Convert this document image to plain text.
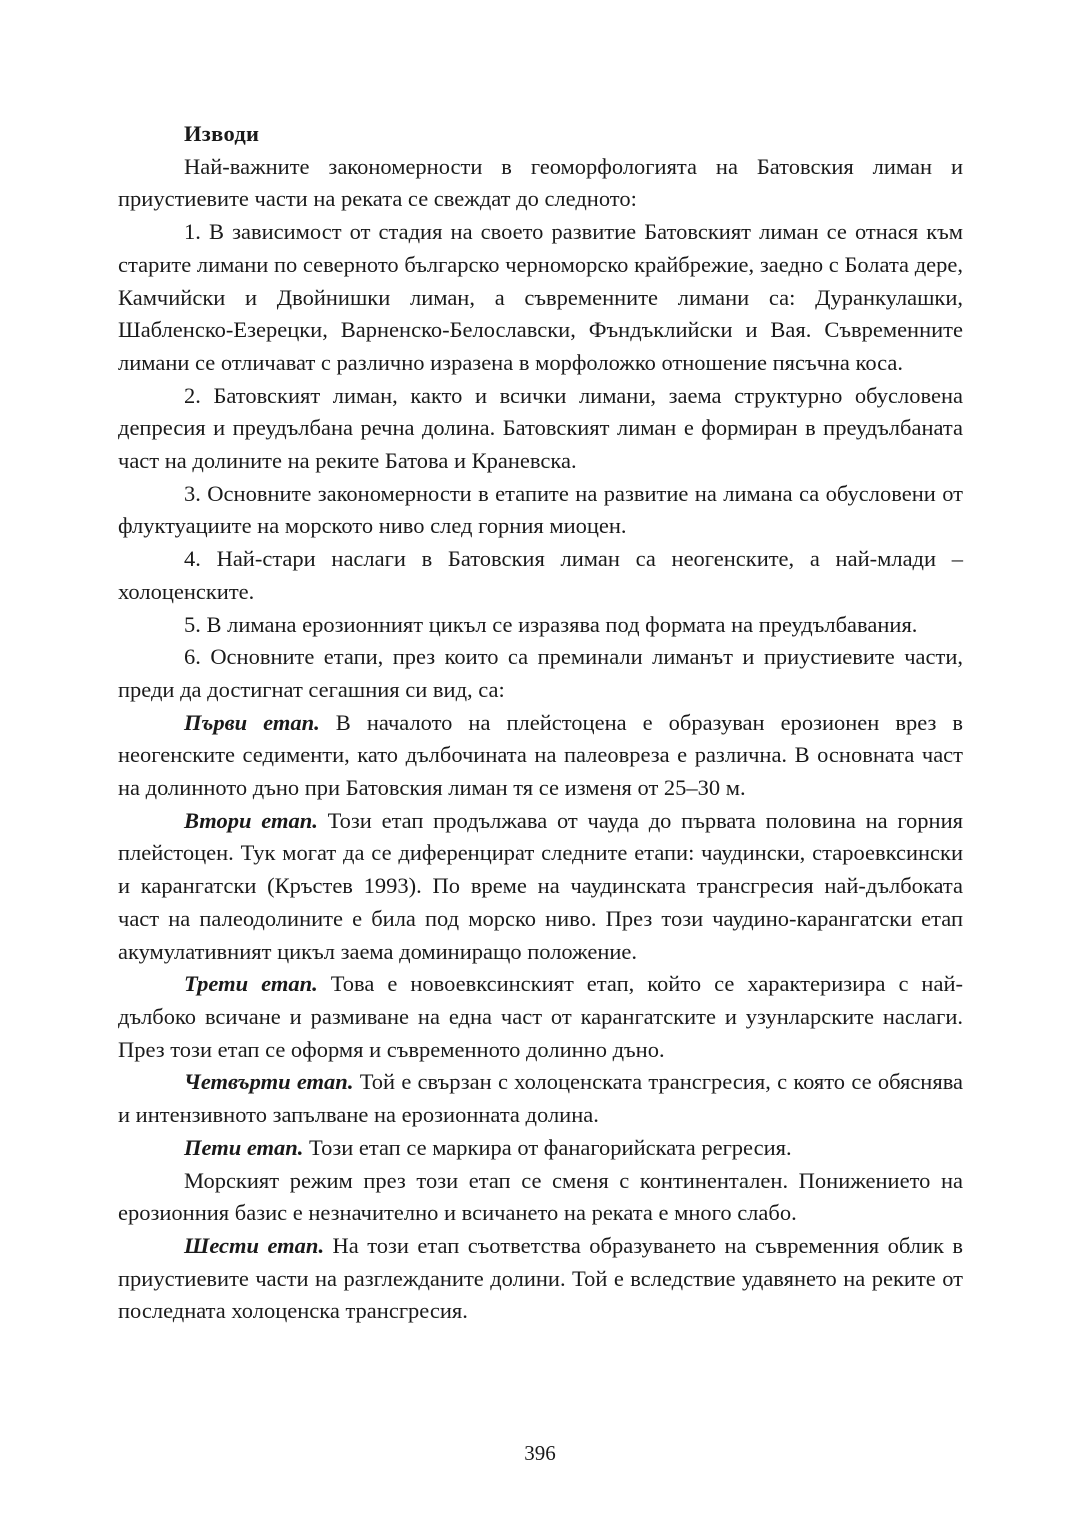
Изводи

Най-важните закономерности в геоморфологията на Батовския лиман и приустиевите части на реката се свеждат до следното:

1. В зависимост от стадия на своето развитие Батовският лиман се отнася към старите лимани по северното българско черноморско крайбрежие, заедно с Болата дере, Камчийски и Двойнишки лиман, а съвременните лимани са: Дуранкулашки, Шабленско-Езерецки, Варненско-Белославски, Фъндъклийски и Вая. Съвременните лимани се отличават с различно изразена в морфоложко отношение пясъчна коса.

2. Батовският лиман, както и всички лимани, заема структурно обусловена депресия и преудълбана речна долина. Батовският лиман е формиран в преудълбаната част на долините на реките Батова и Краневска.

3. Основните закономерности в етапите на развитие на лимана са обусловени от флуктуациите на морското ниво след горния миоцен.

4. Най-стари наслаги в Батовския лиман са неогенските, а най-млади – холоценските.

5. В лимана ерозионният цикъл се изразява под формата на преудълбавания.

6. Основните етапи, през които са преминали лиманът и приустиевите части, преди да достигнат сегашния си вид, са:

Първи етап. В началото на плейстоцена е образуван ерозионен врез в неогенските седименти, като дълбочината на палеовреза е различна. В основната част на долинното дъно при Батовския лиман тя се изменя от 25–30 м.

Втори етап. Този етап продължава от чауда до първата половина на горния плейстоцен. Тук могат да се диференцират следните етапи: чаудински, староевксински и карангатски (Кръстев 1993). По време на чаудинската трансгресия най-дълбоката част на палеодолините е била под морско ниво. През този чаудино-карангатски етап акумулативният цикъл заема доминиращо положение.

Трети етап. Това е новоевксинският етап, който се характеризира с най-дълбоко всичане и размиване на една част от карангатските и узунларските наслаги. През този етап се оформя и съвременното долинно дъно.

Четвърти етап. Той е свързан с холоценската трансгресия, с която се обяснява и интензивното запълване на ерозионната долина.

Пети етап. Този етап се маркира от фанагорийската регресия.

Морският режим през този етап се сменя с континентален. Понижението на ерозионния базис е незначително и всичането на реката е много слабо.

Шести етап. На този етап съответства образуването на съвременния облик в приустиевите части на разглежданите долини. Той е вследствие удавянето на реките от последната холоценска трансгресия.

396
